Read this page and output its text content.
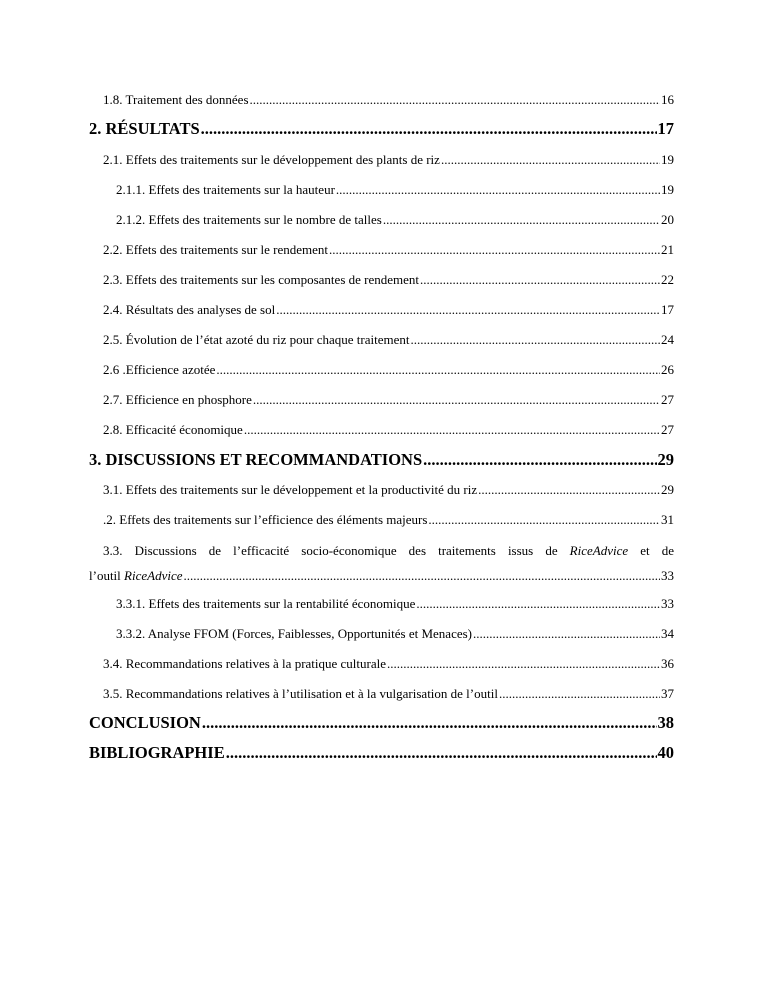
1.8. Traitement des données .....	16
2. RÉSULTATS .....	17
2.1. Effets des traitements sur le développement des plants de riz .....	19
2.1.1. Effets des traitements sur la hauteur .....	19
2.1.2. Effets des traitements sur le nombre de talles .....	20
2.2. Effets des traitements sur le rendement .....	21
2.3. Effets des traitements sur les composantes de rendement .....	22
2.4. Résultats des analyses de sol .....	17
2.5. Évolution de l’état azoté du riz pour chaque traitement .....	24
2.6 .Efficience azotée .....	26
2.7. Efficience en phosphore .....	27
2.8. Efficacité économique .....	27
3. DISCUSSIONS ET RECOMMANDATIONS .....	29
3.1. Effets des traitements sur le développement et la productivité du riz .....	29
.2. Effets des traitements sur l’efficience des éléments majeurs .....	31
3.3. Discussions de l’efficacité socio-économique des traitements issus de RiceAdvice et de
l’outil RiceAdvice .....	33
3.3.1. Effets des traitements sur la rentabilité économique .....	33
3.3.2. Analyse FFOM (Forces, Faiblesses, Opportunités et Menaces) .....	34
3.4. Recommandations relatives à la pratique culturale .....	36
3.5. Recommandations relatives à l’utilisation et à la vulgarisation de l’outil .....	37
CONCLUSION .....	38
BIBLIOGRAPHIE .....	40
